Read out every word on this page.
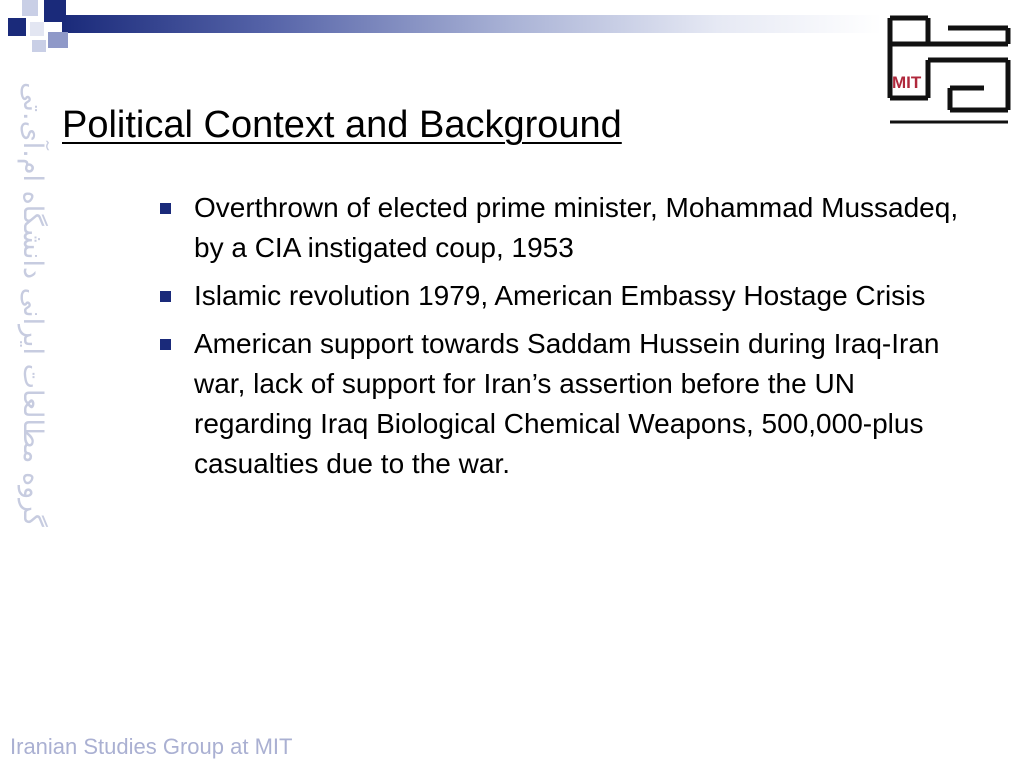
MIT
گروه مطالعات ایرانی دانشگاه ام.آی.تی Political Context and Background
Overthrown of elected prime minister, Mohammad Mussadeq, by a CIA instigated coup, 1953
Islamic revolution 1979, American Embassy Hostage Crisis
American support towards Saddam Hussein during Iraq-Iran war, lack of support for Iran’s assertion before the UN regarding Iraq Biological Chemical Weapons, 500,000-plus casualties due to the war.
Iranian Studies Group at MIT
